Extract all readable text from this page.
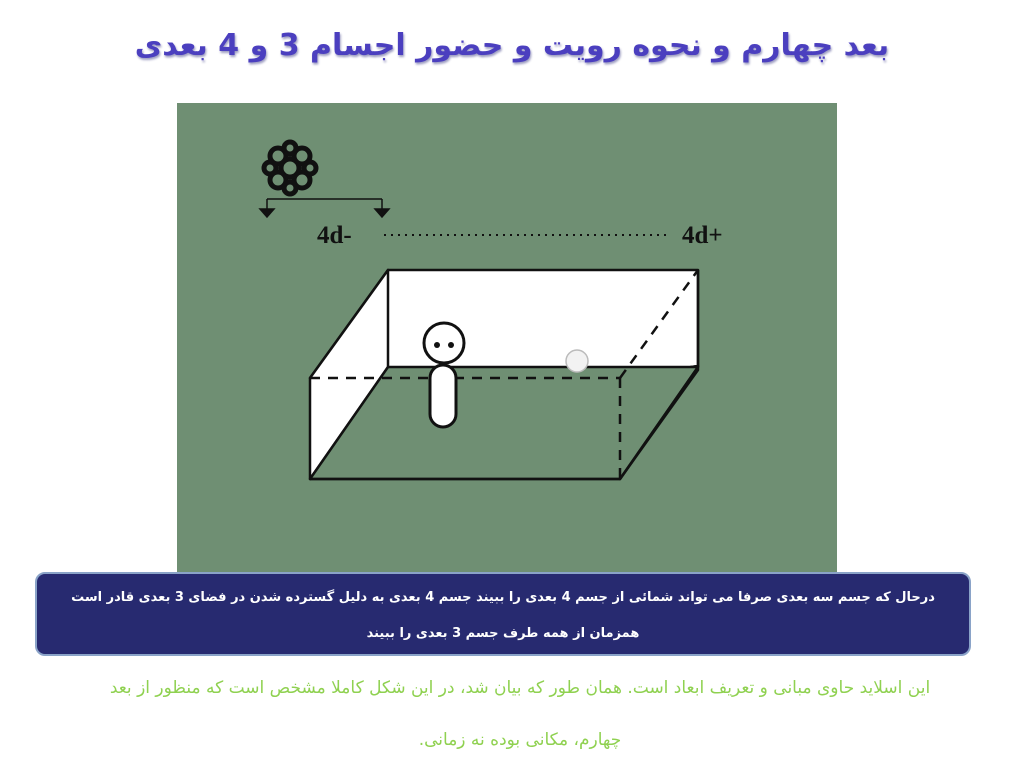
بعد چهارم و نحوه رویت و حضور اجسام 3 و 4 بعدی
4d-	4d+
درحال که جسم سه بعدی صرفا می تواند شمائی از جسم 4 بعدی را ببیند جسم 4 بعدی به دلیل گسترده شدن در فضای 3 بعدی قادر است همزمان از همه طرف جسم 3 بعدی را ببیند
این اسلاید حاوی مبانی و تعریف ابعاد است. همان طور که بیان شد، در این شکل کاملا مشخص است که منظور از بعد چهارم، مکانی بوده نه زمانی.
